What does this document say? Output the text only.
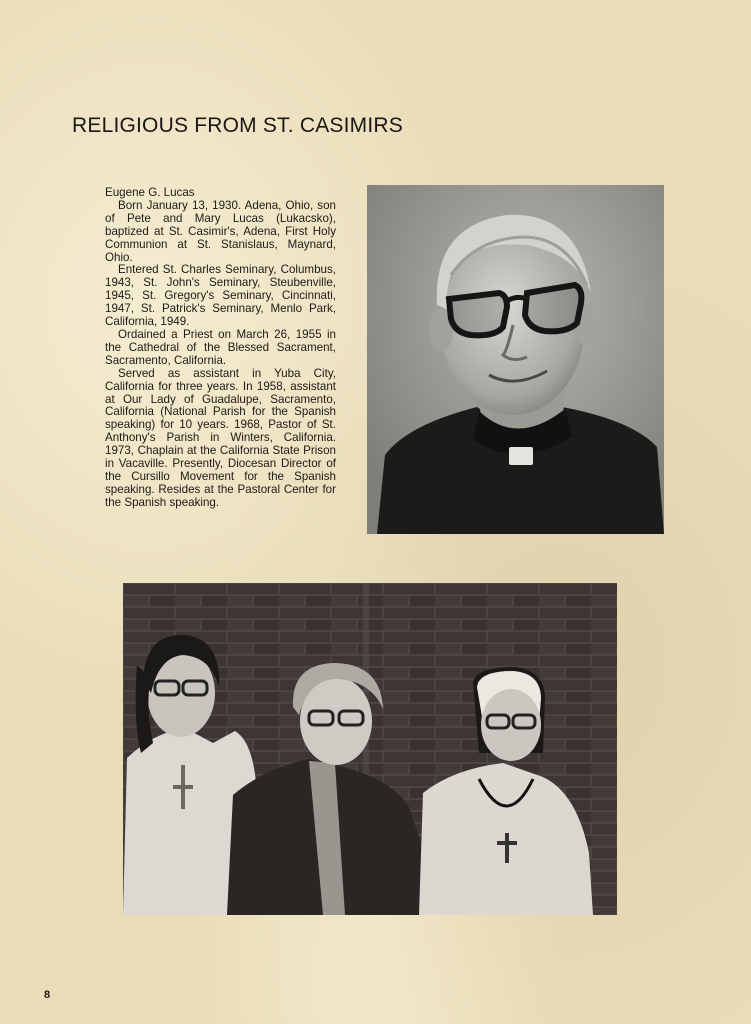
RELIGIOUS FROM ST. CASIMIRS
Eugene G. Lucas

Born January 13, 1930. Adena, Ohio, son of Pete and Mary Lucas (Lukacsko), baptized at St. Casimir's, Adena, First Holy Communion at St. Stanislaus, Maynard, Ohio.

Entered St. Charles Seminary, Columbus, 1943, St. John's Seminary, Steubenville, 1945, St. Gregory's Seminary, Cincinnati, 1947, St. Patrick's Seminary, Menlo Park, California, 1949.

Ordained a Priest on March 26, 1955 in the Cathedral of the Blessed Sacrament, Sacramento, California.

Served as assistant in Yuba City, California for three years. In 1958, assistant at Our Lady of Guadalupe, Sacramento, California (National Parish for the Spanish speaking) for 10 years. 1968, Pastor of St. Anthony's Parish in Winters, California. 1973, Chaplain at the California State Prison in Vacaville. Presently, Diocesan Director of the Cursillo Movement for the Spanish speaking. Resides at the Pastoral Center for the Spanish speaking.

8
